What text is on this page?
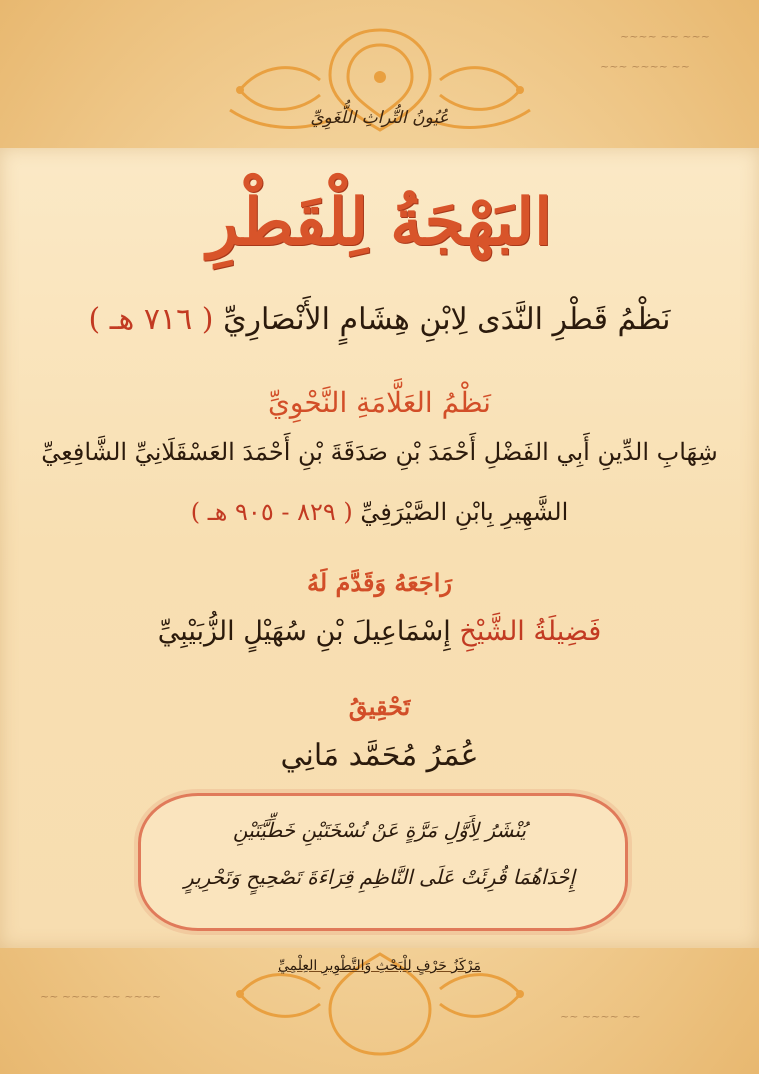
~~~ ~~ ~~~~
~~ ~~~~ ~~~
~~~~ ~~ ~~~~ ~~
~~ ~~~~ ~~
عُيُونُ التُّراثِ اللُّغَوِيِّ
البَهْجَةُ لِلْقَطْرِ
نَظْمُ قَطْرِ النَّدَى لِابْنِ هِشَامٍ الأَنْصَارِيِّ ( ٧١٦ هـ )
نَظْمُ العَلَّامَةِ النَّحْوِيِّ
شِهَابِ الدِّينِ أَبِي الفَضْلِ أَحْمَدَ بْنِ صَدَقَةَ بْنِ أَحْمَدَ العَسْقَلَانِيِّ الشَّافِعِيِّ
الشَّهِيرِ بِابْنِ الصَّيْرَفِيِّ ( ٨٢٩ - ٩٠٥ هـ )
رَاجَعَهُ وَقَدَّمَ لَهُ
فَضِيلَةُ الشَّيْخِ إِسْمَاعِيلَ بْنِ سُهَيْلٍ الزُّبَيْبِيِّ
تَحْقِيقُ
عُمَرُ مُحَمَّد مَانِي
يُنْشَرُ لِأَوَّلِ مَرَّةٍ عَنْ نُسْخَتَيْنِ خَطِّيَّتَيْنِ
إِحْدَاهُمَا قُرِئَتْ عَلَى النَّاظِمِ قِرَاءَةَ تَصْحِيحٍ وَتَحْرِيرٍ
مَرْكَزُ حَرْفٍ لِلْبَحْثِ وَالتَّطْوِيرِ العِلْمِيِّ
